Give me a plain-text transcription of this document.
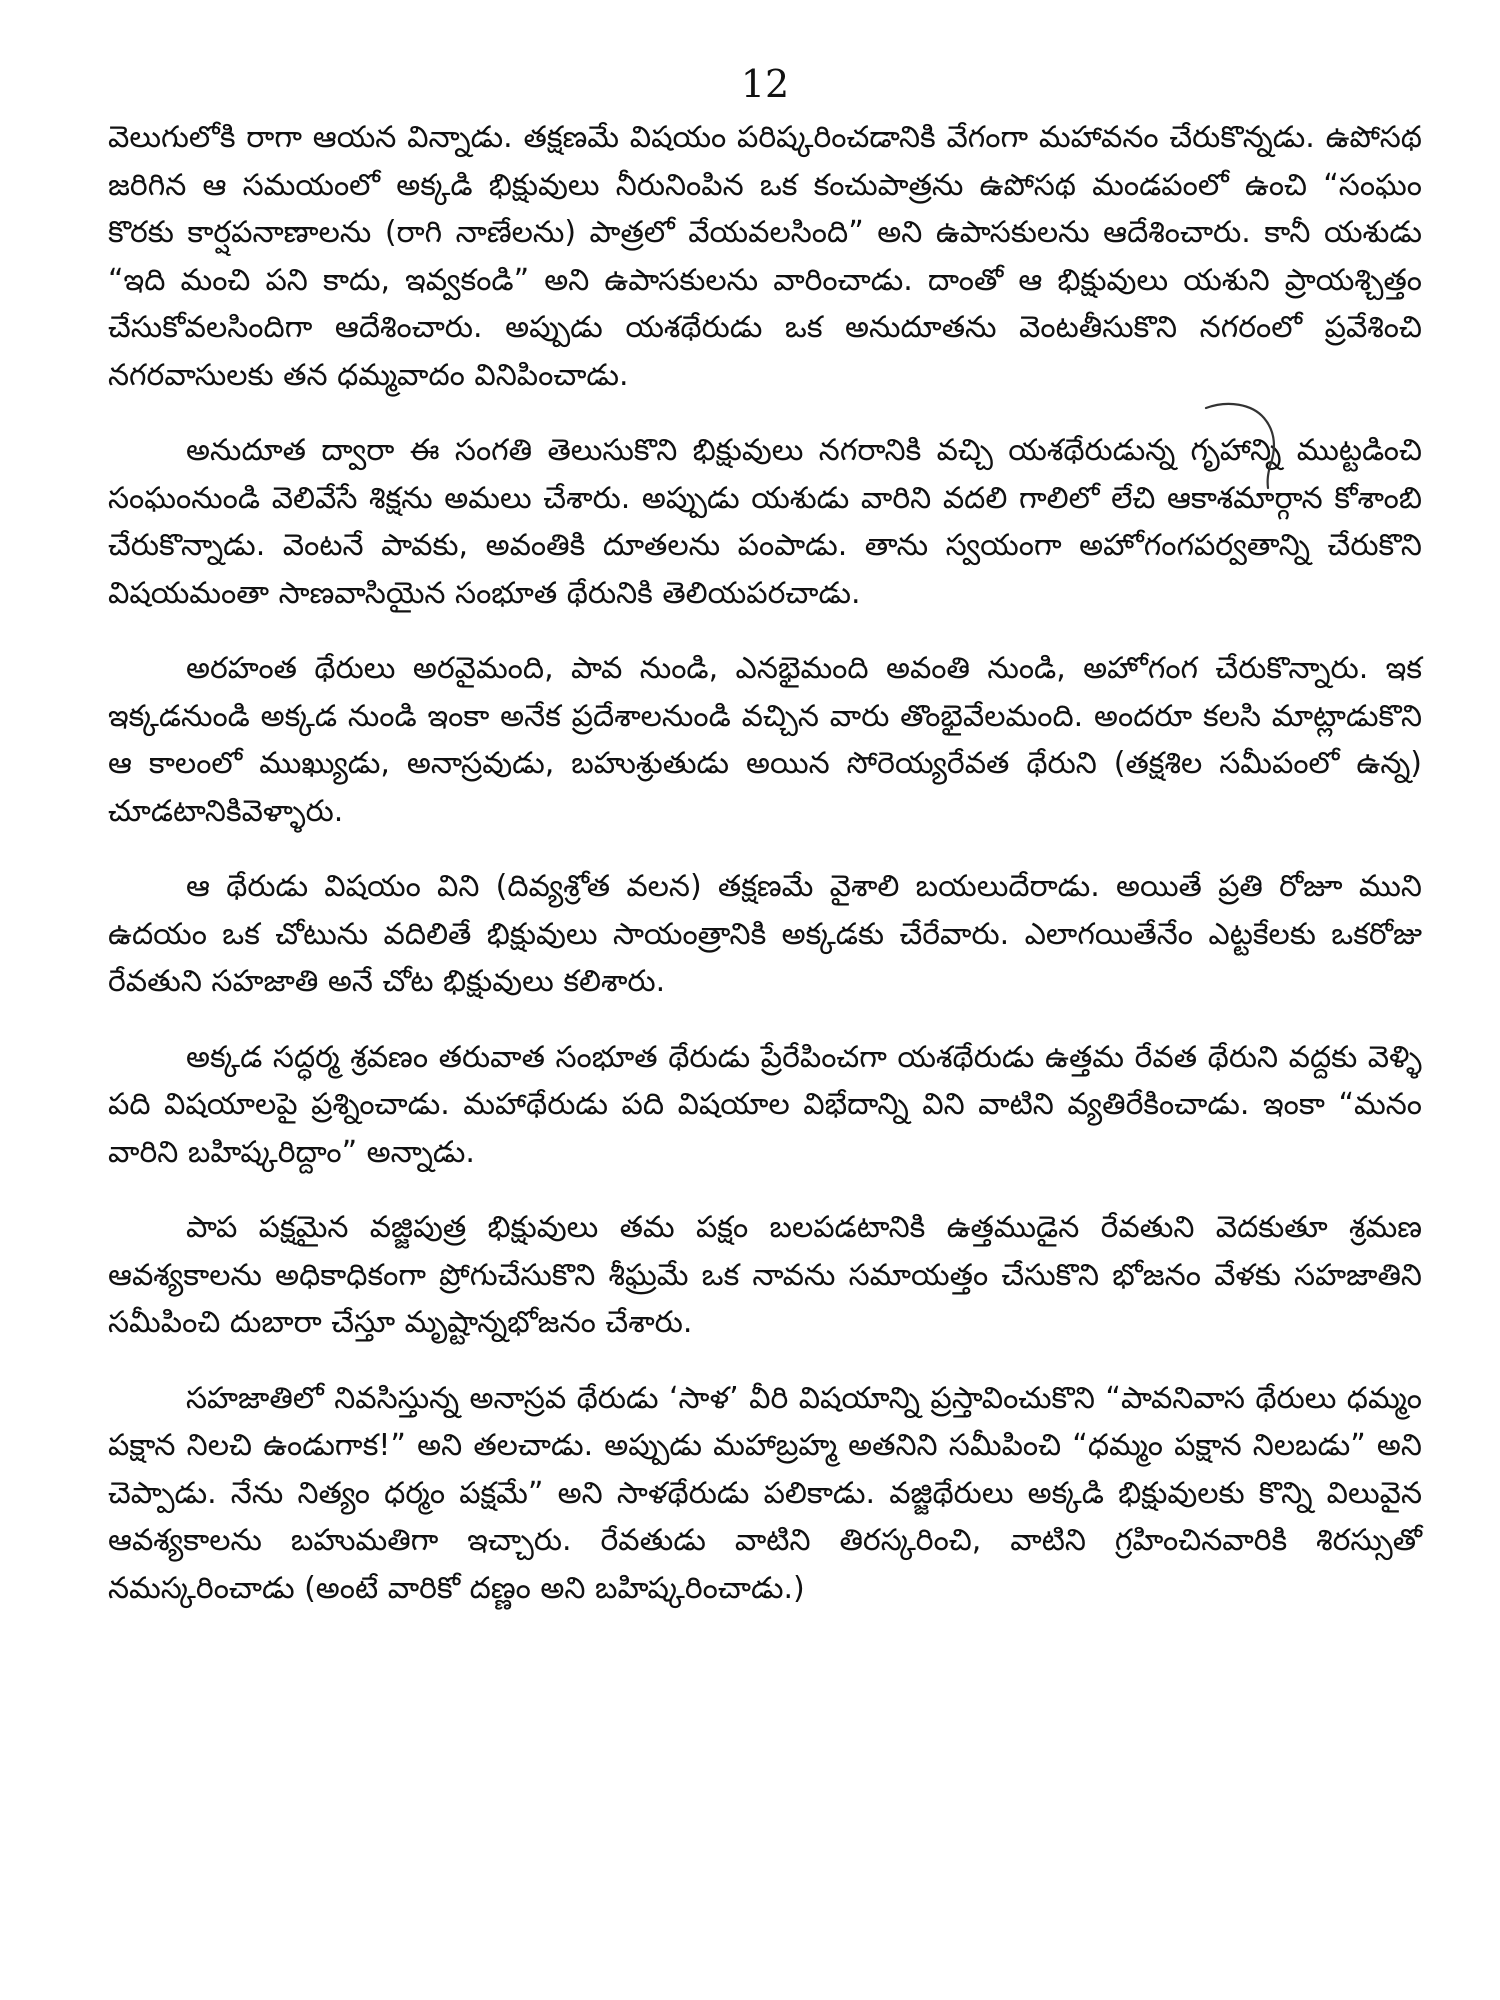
12

వెలుగులోకి రాగా ఆయన విన్నాడు. తక్షణమే విషయం పరిష్కరించడానికి వేగంగా మహావనం చేరుకొన్నడు. ఉపోసథ జరిగిన ఆ సమయంలో అక్కడి భిక్షువులు నీరునింపిన ఒక కంచుపాత్రను ఉపోసథ మండపంలో ఉంచి “సంఘం కొరకు కార్షపనాణాలను (రాగి నాణేలను) పాత్రలో వేయవలసింది” అని ఉపాసకులను ఆదేశించారు. కానీ యశుడు “ఇది మంచి పని కాదు, ఇవ్వకండి” అని ఉపాసకులను వారించాడు. దాంతో ఆ భిక్షువులు యశుని ప్రాయశ్చిత్తం చేసుకోవలసిందిగా ఆదేశించారు. అప్పుడు యశథేరుడు ఒక అనుదూతను వెంటతీసుకొని నగరంలో ప్రవేశించి నగరవాసులకు తన ధమ్మవాదం వినిపించాడు.

అనుదూత ద్వారా ఈ సంగతి తెలుసుకొని భిక్షువులు నగరానికి వచ్చి యశథేరుడున్న గృహాన్ని ముట్టడించి సంఘంనుండి వెలివేసే శిక్షను అమలు చేశారు. అప్పుడు యశుడు వారిని వదలి గాలిలో లేచి ఆకాశమార్గాన కోశాంబి చేరుకొన్నాడు. వెంటనే పావకు, అవంతికి దూతలను పంపాడు. తాను స్వయంగా అహోగంగపర్వతాన్ని చేరుకొని విషయమంతా సాణవాసియైన సంభూత థేరునికి తెలియపరచాడు.

అరహంత థేరులు అరవైమంది, పావ నుండి, ఎనభైమంది అవంతి నుండి, అహోగంగ చేరుకొన్నారు. ఇక ఇక్కడనుండి అక్కడ నుండి ఇంకా అనేక ప్రదేశాలనుండి వచ్చిన వారు తొంభైవేలమంది. అందరూ కలసి మాట్లాడుకొని ఆ కాలంలో ముఖ్యుడు, అనాస్రవుడు, బహుశ్రుతుడు అయిన సోరెయ్యరేవత థేరుని (తక్షశిల సమీపంలో ఉన్న) చూడటానికివెళ్ళారు.

ఆ థేరుడు విషయం విని (దివ్యశ్రోత వలన) తక్షణమే వైశాలి బయలుదేరాడు. అయితే ప్రతి రోజూ ముని ఉదయం ఒక చోటును వదిలితే భిక్షువులు సాయంత్రానికి అక్కడకు చేరేవారు. ఎలాగయితేనేం ఎట్టకేలకు ఒకరోజు రేవతుని సహజాతి అనే చోట భిక్షువులు కలిశారు.

అక్కడ సద్ధర్మ శ్రవణం తరువాత సంభూత థేరుడు ప్రేరేపించగా యశథేరుడు ఉత్తమ రేవత థేరుని వద్దకు వెళ్ళి పది విషయాలపై ప్రశ్నించాడు. మహాథేరుడు పది విషయాల విభేదాన్ని విని వాటిని వ్యతిరేకించాడు. ఇంకా “మనం వారిని బహిష్కరిద్దాం” అన్నాడు.

పాప పక్షమైన వజ్జిపుత్ర భిక్షువులు తమ పక్షం బలపడటానికి ఉత్తముడైన రేవతుని వెదకుతూ శ్రమణ ఆవశ్యకాలను అధికాధికంగా ప్రోగుచేసుకొని శీఘ్రమే ఒక నావను సమాయత్తం చేసుకొని భోజనం వేళకు సహజాతిని సమీపించి దుబారా చేస్తూ మృష్టాన్నభోజనం చేశారు.

సహజాతిలో నివసిస్తున్న అనాస్రవ థేరుడు ‘సాళ’ వీరి విషయాన్ని ప్రస్తావించుకొని “పావనివాస థేరులు ధమ్మం పక్షాన నిలచి ఉండుగాక!” అని తలచాడు. అప్పుడు మహాబ్రహ్మ అతనిని సమీపించి “ధమ్మం పక్షాన నిలబడు” అని చెప్పాడు. నేను నిత్యం ధర్మం పక్షమే” అని సాళథేరుడు పలికాడు. వజ్జిథేరులు అక్కడి భిక్షువులకు కొన్ని విలువైన ఆవశ్యకాలను బహుమతిగా ఇచ్చారు. రేవతుడు వాటిని తిరస్కరించి, వాటిని గ్రహించినవారికి శిరస్సుతో నమస్కరించాడు (అంటే వారికో దణ్ణం అని బహిష్కరించాడు.)
